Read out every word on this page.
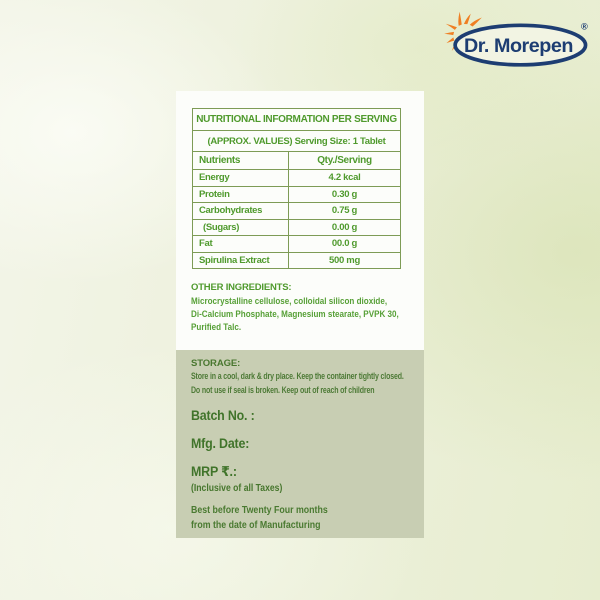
Dr. Morepen
®
NUTRITIONAL INFORMATION PER SERVING	
(APPROX. VALUES) Serving Size: 1 Tablet	
Nutrients	Qty./Serving
Energy	4.2 kcal
Protein	0.30 g
Carbohydrates	0.75 g
(Sugars)	0.00 g
Fat	00.0 g
Spirulina Extract	500 mg
OTHER INGREDIENTS:
Microcrystalline cellulose, colloidal silicon dioxide,
Di-Calcium Phosphate, Magnesium stearate, PVPK 30,
Purified Talc.
STORAGE:
Store in a cool, dark & dry place. Keep the container tightly closed.
Do not use if seal is broken. Keep out of reach of children
Batch No. :
Mfg. Date:
MRP ₹.:
(Inclusive of all Taxes)
Best before Twenty Four months
from the date of Manufacturing
